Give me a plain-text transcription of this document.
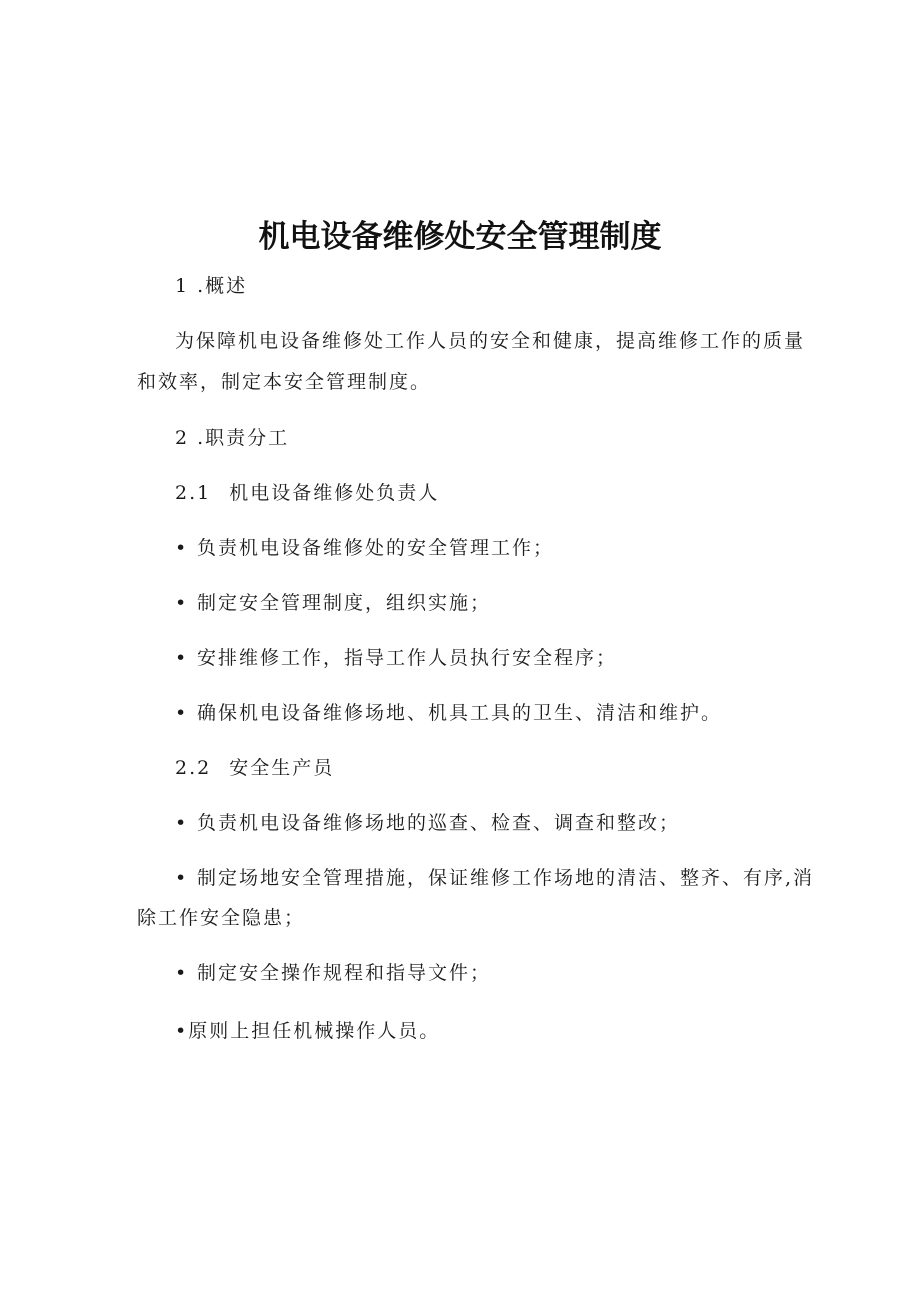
机电设备维修处安全管理制度

1 .概述

为保障机电设备维修处工作人员的安全和健康，提高维修工作的质量

和效率，制定本安全管理制度。

2 .职责分工

2.1 机电设备维修处负责人

• 负责机电设备维修处的安全管理工作；

• 制定安全管理制度，组织实施；

• 安排维修工作，指导工作人员执行安全程序；

• 确保机电设备维修场地、机具工具的卫生、清洁和维护。

2.2 安全生产员

• 负责机电设备维修场地的巡查、检查、调查和整改；

• 制定场地安全管理措施，保证维修工作场地的清洁、整齐、有序,消

除工作安全隐患；

• 制定安全操作规程和指导文件；

•原则上担任机械操作人员。
